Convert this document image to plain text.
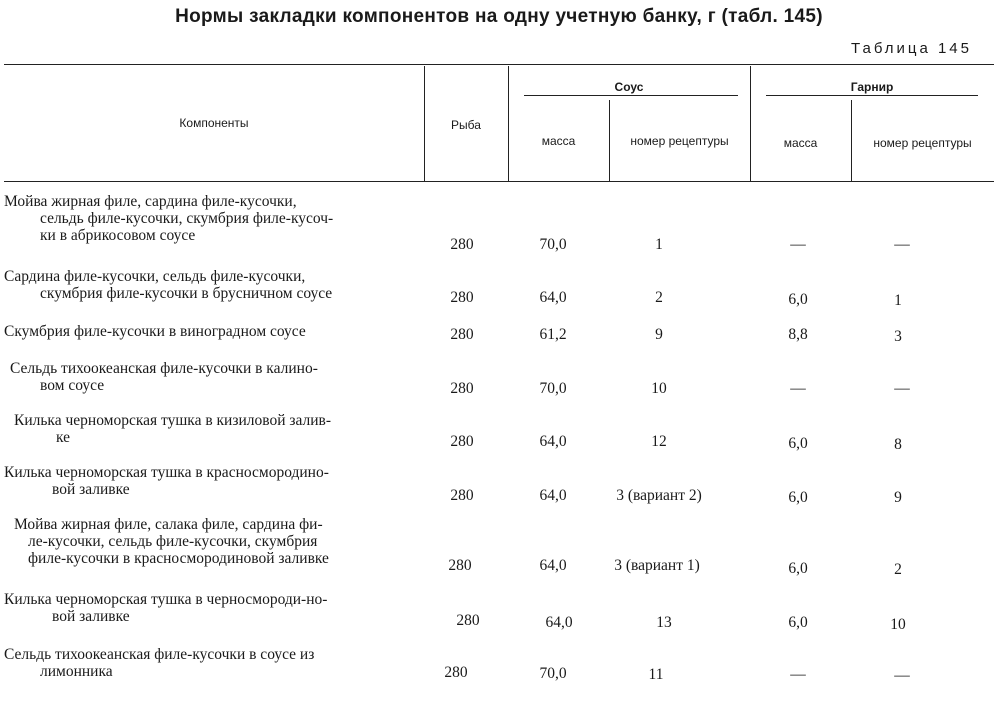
Нормы закладки компонентов на одну учетную банку, г (табл. 145)
Таблица 145
Компоненты	Рыба
Соус	Гарнир
масса	номер рецептуры	масса	номер рецептуры
Мойва жирная филе, сардина филе-кусочки,
сельдь филе-кусочки, скумбрия филе-кусоч-
ки в абрикосовом соусе
280	70,0	1	—	—
Сардина филе-кусочки, сельдь филе-кусочки,
скумбрия филе-кусочки в брусничном соусе	280	64,0	2	6,0	1
Скумбрия филе-кусочки в виноградном соусе	280	61,2	9	8,8	3
Сельдь тихоокеанская филе-кусочки в калино-
вом соусе	280	70,0	10	—	—
Килька черноморская тушка в кизиловой залив-
ке	280	64,0	12	6,0	8
Килька черноморская тушка в красносмородино-
вой заливке	280	64,0	3 (вариант 2)	6,0	9
Мойва жирная филе, салака филе, сардина фи-
ле-кусочки, сельдь филе-кусочки, скумбрия
филе-кусочки в красносмородиновой заливке	280	64,0	3 (вариант 1)	6,0	2
Килька черноморская тушка в черносмороди-но-
вой заливке	280	64,0	13	6,0	10
Сельдь тихоокеанская филе-кусочки в соусе из
лимонника	280	70,0	11	—	—
